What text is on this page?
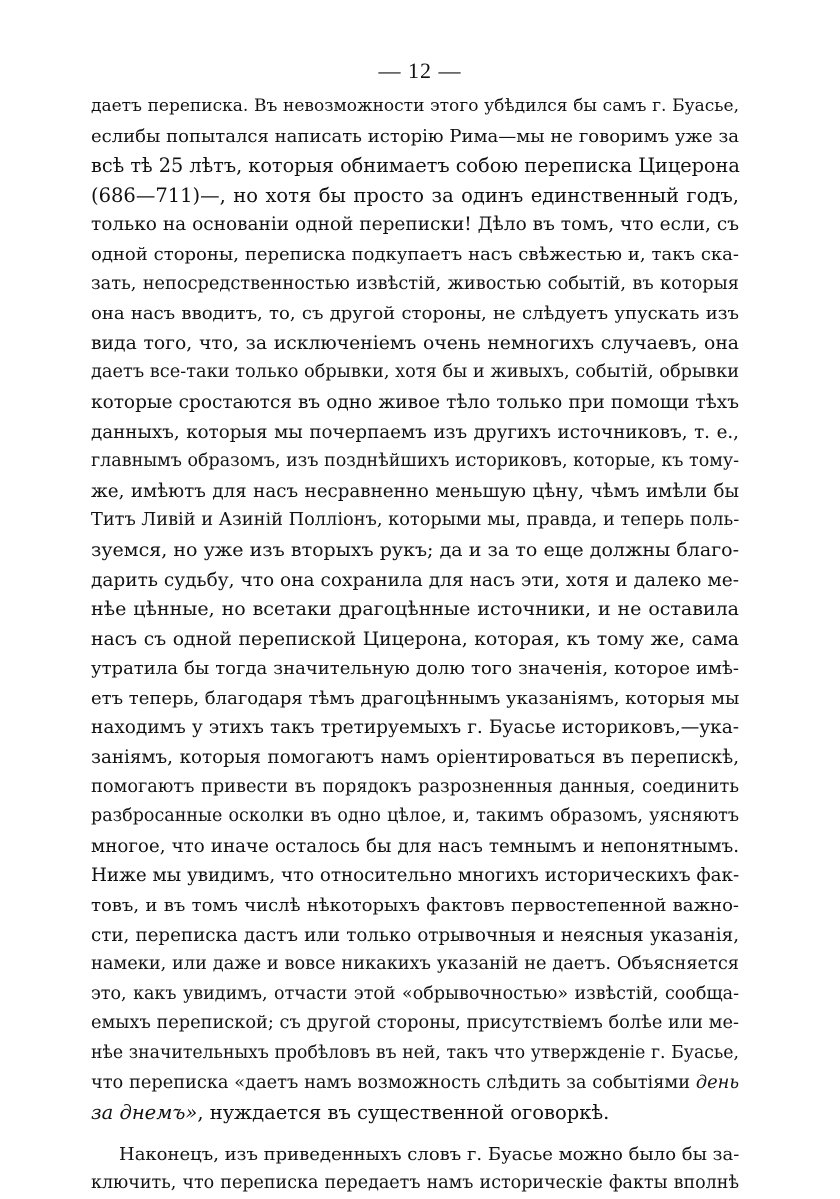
— 12 —
даетъ переписка. Въ невозможности этого убѣдился бы самъ г. Буасье,
еслибы попытался написать исторію Рима—мы не говоримъ уже за
всѣ тѣ 25 лѣтъ, которыя обнимаетъ собою переписка Цицерона
(686—711)—, но хотя бы просто за одинъ единственный годъ,
только на основаніи одной переписки! Дѣло въ томъ, что если, съ
одной стороны, переписка подкупаетъ насъ свѣжестью и, такъ ска-
зать, непосредственностью извѣстій, живостью событій, въ которыя
она насъ вводитъ, то, съ другой стороны, не слѣдуетъ упускать изъ
вида того, что, за исключеніемъ очень немногихъ случаевъ, она
даетъ все-таки только обрывки, хотя бы и живыхъ, событій, обрывки
которые сростаются въ одно живое тѣло только при помощи тѣхъ
данныхъ, которыя мы почерпаемъ изъ другихъ источниковъ, т. е.,
главнымъ образомъ, изъ позднѣйшихъ историковъ, которые, къ тому-
же, имѣютъ для насъ несравненно меньшую цѣну, чѣмъ имѣли бы
Титъ Ливій и Азиній Полліонъ, которыми мы, правда, и теперь поль-
зуемся, но уже изъ вторыхъ рукъ; да и за то еще должны благо-
дарить судьбу, что она сохранила для насъ эти, хотя и далеко ме-
нѣе цѣнные, но всетаки драгоцѣнные источники, и не оставила
насъ съ одной перепиской Цицерона, которая, къ тому же, сама
утратила бы тогда значительную долю того значенія, которое имѣ-
етъ теперь, благодаря тѣмъ драгоцѣннымъ указаніямъ, которыя мы
находимъ у этихъ такъ третируемыхъ г. Буасье историковъ,—ука-
заніямъ, которыя помогаютъ намъ оріентироваться въ перепискѣ,
помогаютъ привести въ порядокъ разрозненныя данныя, соединить
разбросанные осколки въ одно цѣлое, и, такимъ образомъ, уясняютъ
многое, что иначе осталось бы для насъ темнымъ и непонятнымъ.
Ниже мы увидимъ, что относительно многихъ историческихъ фак-
товъ, и въ томъ числѣ нѣкоторыхъ фактовъ первостепенной важно-
сти, переписка дастъ или только отрывочныя и неясныя указанія,
намеки, или даже и вовсе никакихъ указаній не даетъ. Объясняется
это, какъ увидимъ, отчасти этой «обрывочностью» извѣстій, сообща-
емыхъ перепиской; съ другой стороны, присутствіемъ болѣе или ме-
нѣе значительныхъ пробѣловъ въ ней, такъ что утвержденіе г. Буасье,
что переписка «даетъ намъ возможность слѣдить за событіями день
за днемъ», нуждается въ существенной оговоркѣ.
Наконецъ, изъ приведенныхъ словъ г. Буасье можно было бы за-
ключить, что переписка передаетъ намъ историческіе факты вполнѣ
